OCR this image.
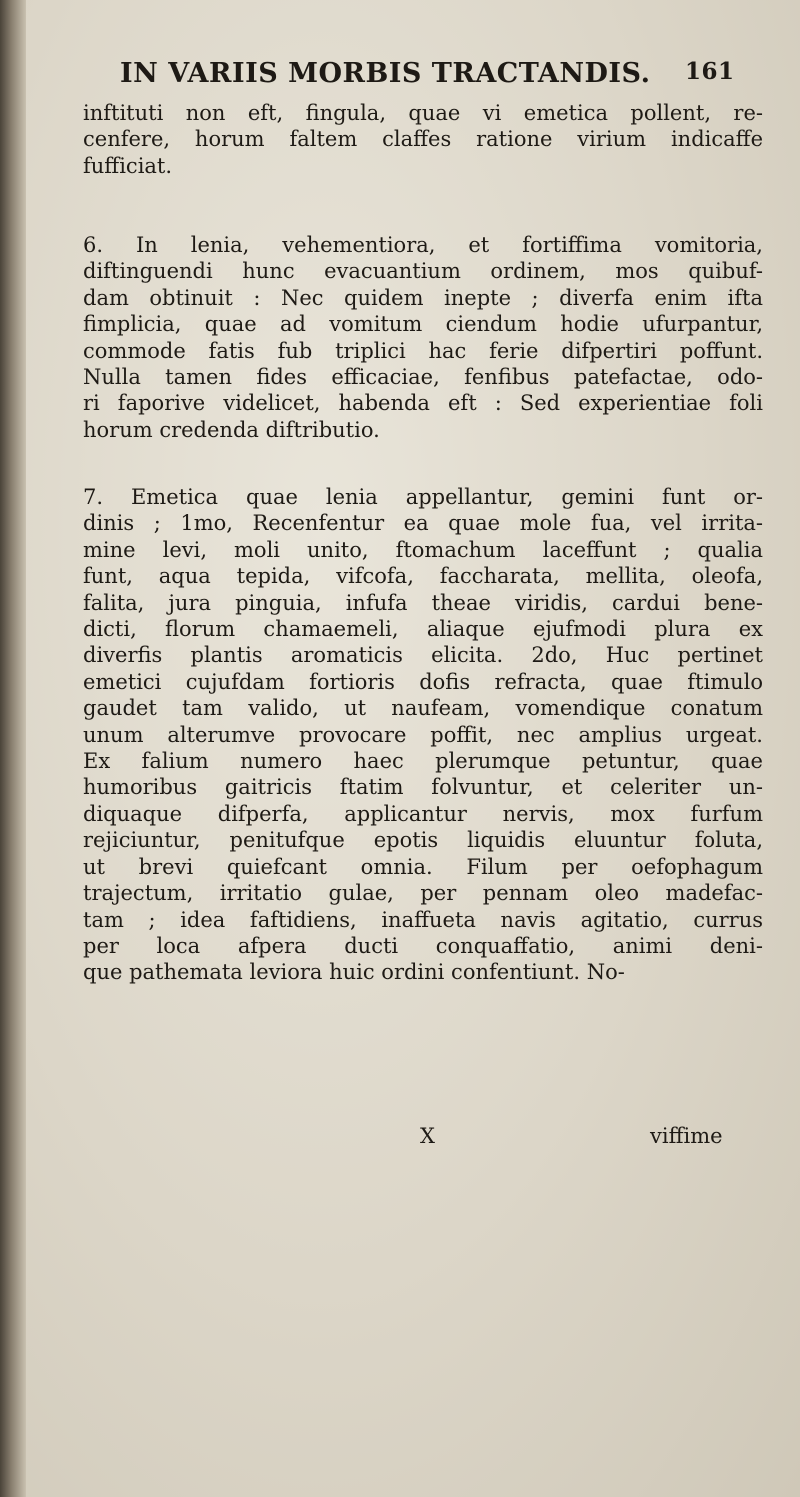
IN VARIIS MORBIS TRACTANDIS. 161
inftituti non eft, fingula, quae vi emetica pollent, re-
cenfere, horum faltem claffes ratione virium indicaffe
fufficiat.
6. In lenia, vehementiora, et fortiffima vomitoria,
diftinguendi hunc evacuantium ordinem, mos quibuf-
dam obtinuit : Nec quidem inepte ; diverfa enim ifta
fimplicia, quae ad vomitum ciendum hodie ufurpantur,
commode fatis fub triplici hac ferie difpertiri poffunt.
Nulla tamen fides efficaciae, fenfibus patefactae, odo-
ri faporive videlicet, habenda eft : Sed experientiae foli
horum credenda diftributio.
7. Emetica quae lenia appellantur, gemini funt or-
dinis ; 1mo, Recenfentur ea quae mole fua, vel irrita-
mine levi, moli unito, ftomachum laceffunt ; qualia
funt, aqua tepida, vifcofa, faccharata, mellita, oleofa,
falita, jura pinguia, infufa theae viridis, cardui bene-
dicti, florum chamaemeli, aliaque ejufmodi plura ex
diverfis plantis aromaticis elicita. 2do, Huc pertinet
emetici cujufdam fortioris dofis refracta, quae ftimulo
gaudet tam valido, ut naufeam, vomendique conatum
unum alterumve provocare poffit, nec amplius urgeat.
Ex falium numero haec plerumque petuntur, quae
humoribus gaitricis ftatim folvuntur, et celeriter un-
diquaque difperfa, applicantur nervis, mox furfum
rejiciuntur, penitufque epotis liquidis eluuntur foluta,
ut brevi quiefcant omnia. Filum per oefophagum
trajectum, irritatio gulae, per pennam oleo madefac-
tam ; idea faftidiens, inaffueta navis agitatio, currus
per loca afpera ducti conquaffatio, animi deni-
que pathemata leviora huic ordini confentiunt. No-
X	viffime
